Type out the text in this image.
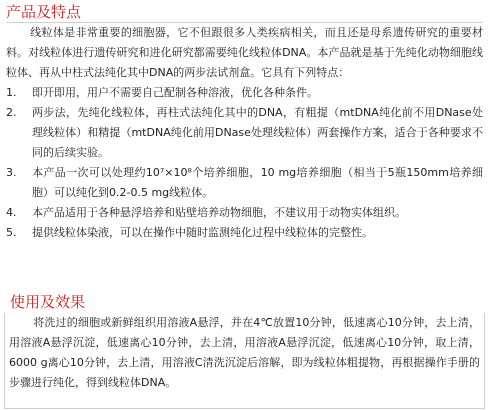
产品及特点

线粒体是非常重要的细胞器，它不但跟很多人类疾病相关，而且还是母系遗传研究的重要材料。对线粒体进行遗传研究和进化研究都需要纯化线粒体DNA。本产品就是基于先纯化动物细胞线粒体、再从中柱式法纯化其中DNA的两步法试剂盒。它具有下列特点：

1.	即开即用，用户不需要自己配制各种溶液，优化各种条件。
2.	两步法，先纯化线粒体，再柱式法纯化其中的DNA，有粗提（mtDNA纯化前不用DNase处理线粒体）和精提（mtDNA纯化前用DNase处理线粒体）两套操作方案，适合于各种要求不同的后续实验。
3.	本产品一次可以处理约10⁷×10⁸个培养细胞，10 mg培养细胞（相当于5瓶150mm培养细胞）可以纯化到0.2-0.5 mg线粒体。
4.	本产品适用于各种悬浮培养和贴壁培养动物细胞，不建议用于动物实体组织。
5.	提供线粒体染液，可以在操作中随时监测纯化过程中线粒体的完整性。
使用及效果

将洗过的细胞或新鲜组织用溶液A悬浮，并在4℃放置10分钟，低速离心10分钟，去上清，用溶液A悬浮沉淀，低速离心10分钟，去上清，用溶液A悬浮沉淀，低速离心10分钟，取上清，6000 g离心10分钟，去上清，用溶液C清洗沉淀后溶解，即为线粒体粗提物，再根据操作手册的步骤进行纯化，得到线粒体DNA。
